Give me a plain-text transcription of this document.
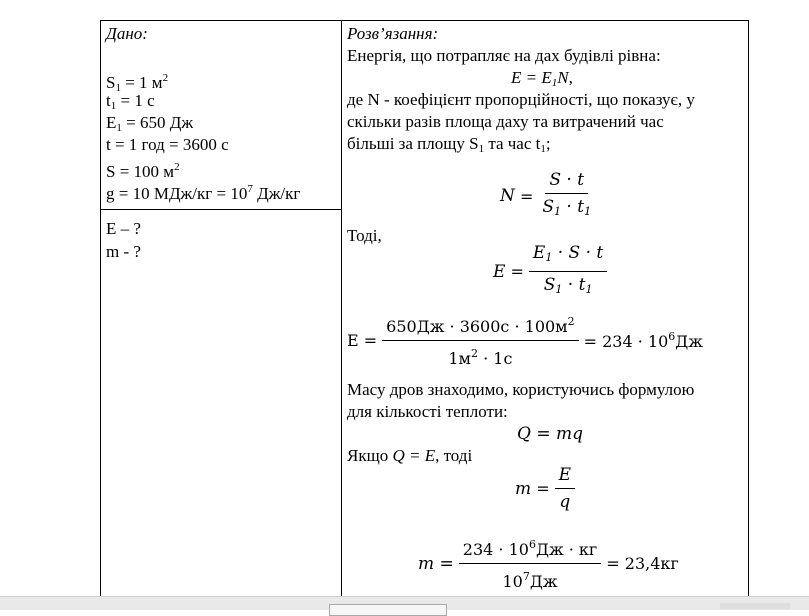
Дано:
$S_1 = 1$ $м^2$
$t_1 = 1$ с
$E_1 = 650$ Дж
t = 1 год = 3600 с
S = 100 $м^2$
g = 10 $МДж/кг = 10^7$ Дж/кг
E – ?
m - ?
Розв’язання:
Енергія, що потрапляє на дах будівлі рівна:
$E = E_1N$,
де N - коефіцієнт пропорційності, що показує, у
скільки разів площа даху та витрачений час
більші за площу $S_1$ та час $t_1$;
$N = \frac{S \cdot t}{S_1 \cdot t_1}$
Тоді,
$E = \frac{E_1 \cdot S \cdot t}{S_1 \cdot t_1}$
$E = \frac{650Дж \cdot 3600с \cdot 100м^2}{1м^2 \cdot 1с} = 234 \cdot 10^6Дж$
Масу дров знаходимо, користуючись формулою
для кількості теплоти:
Q = mq
Якщо Q = E, тоді
$m = \frac{E}{q}$
$m = \frac{234 \cdot 10^6Дж \cdot кг}{10^7Дж} = 23,4кг$
